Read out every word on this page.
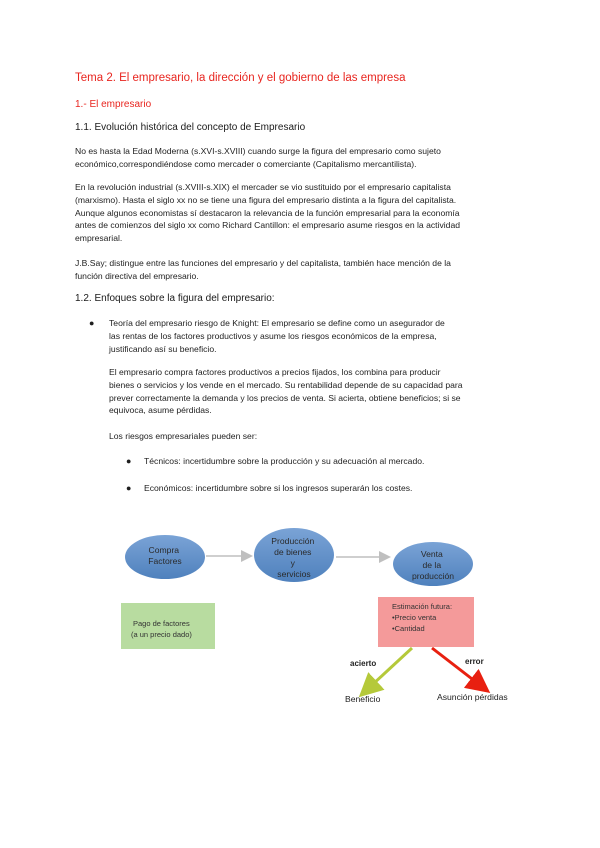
Tema 2. El empresario, la dirección y el gobierno de las empresa
1.- El empresario
1.1. Evolución histórica del concepto de Empresario
No es hasta la Edad Moderna (s.XVI-s.XVIII) cuando surge la figura del empresario como sujeto
económico,correspondiéndose como mercader o comerciante (Capitalismo mercantilista).
En la revolución industrial (s.XVIII-s.XIX) el mercader se vio sustituido por el empresario capitalista
(marxismo). Hasta el siglo xx no se tiene una figura del empresario distinta a la figura del capitalista.
Aunque algunos economistas sí destacaron la relevancia de la función empresarial para la economía
antes de comienzos del siglo xx como Richard Cantillon: el empresario asume riesgos en la actividad
empresarial.
J.B.Say; distingue entre las funciones del empresario y del capitalista, también hace mención de la
función directiva del empresario.
1.2. Enfoques sobre la figura del empresario:
● Teoría del empresario riesgo de Knight: El empresario se define como un asegurador de
las rentas de los factores productivos y asume los riesgos económicos de la empresa,
justificando así su beneficio.
El empresario compra factores productivos a precios fijados, los combina para producir
bienes o servicios y los vende en el mercado. Su rentabilidad depende de su capacidad para
prever correctamente la demanda y los precios de venta. Si acierta, obtiene beneficios; si se
equivoca, asume pérdidas.
Los riesgos empresariales pueden ser:
● Técnicos: incertidumbre sobre la producción y su adecuación al mercado.
● Económicos: incertidumbre sobre si los ingresos superarán los costes.
Compra Factores
Producción de bienes y servicios
Venta de la producción
Pago de factores (a un precio dado)
Estimación futura: •Precio venta •Cantidad
acierto	error
Beneficio	Asunción pérdidas
